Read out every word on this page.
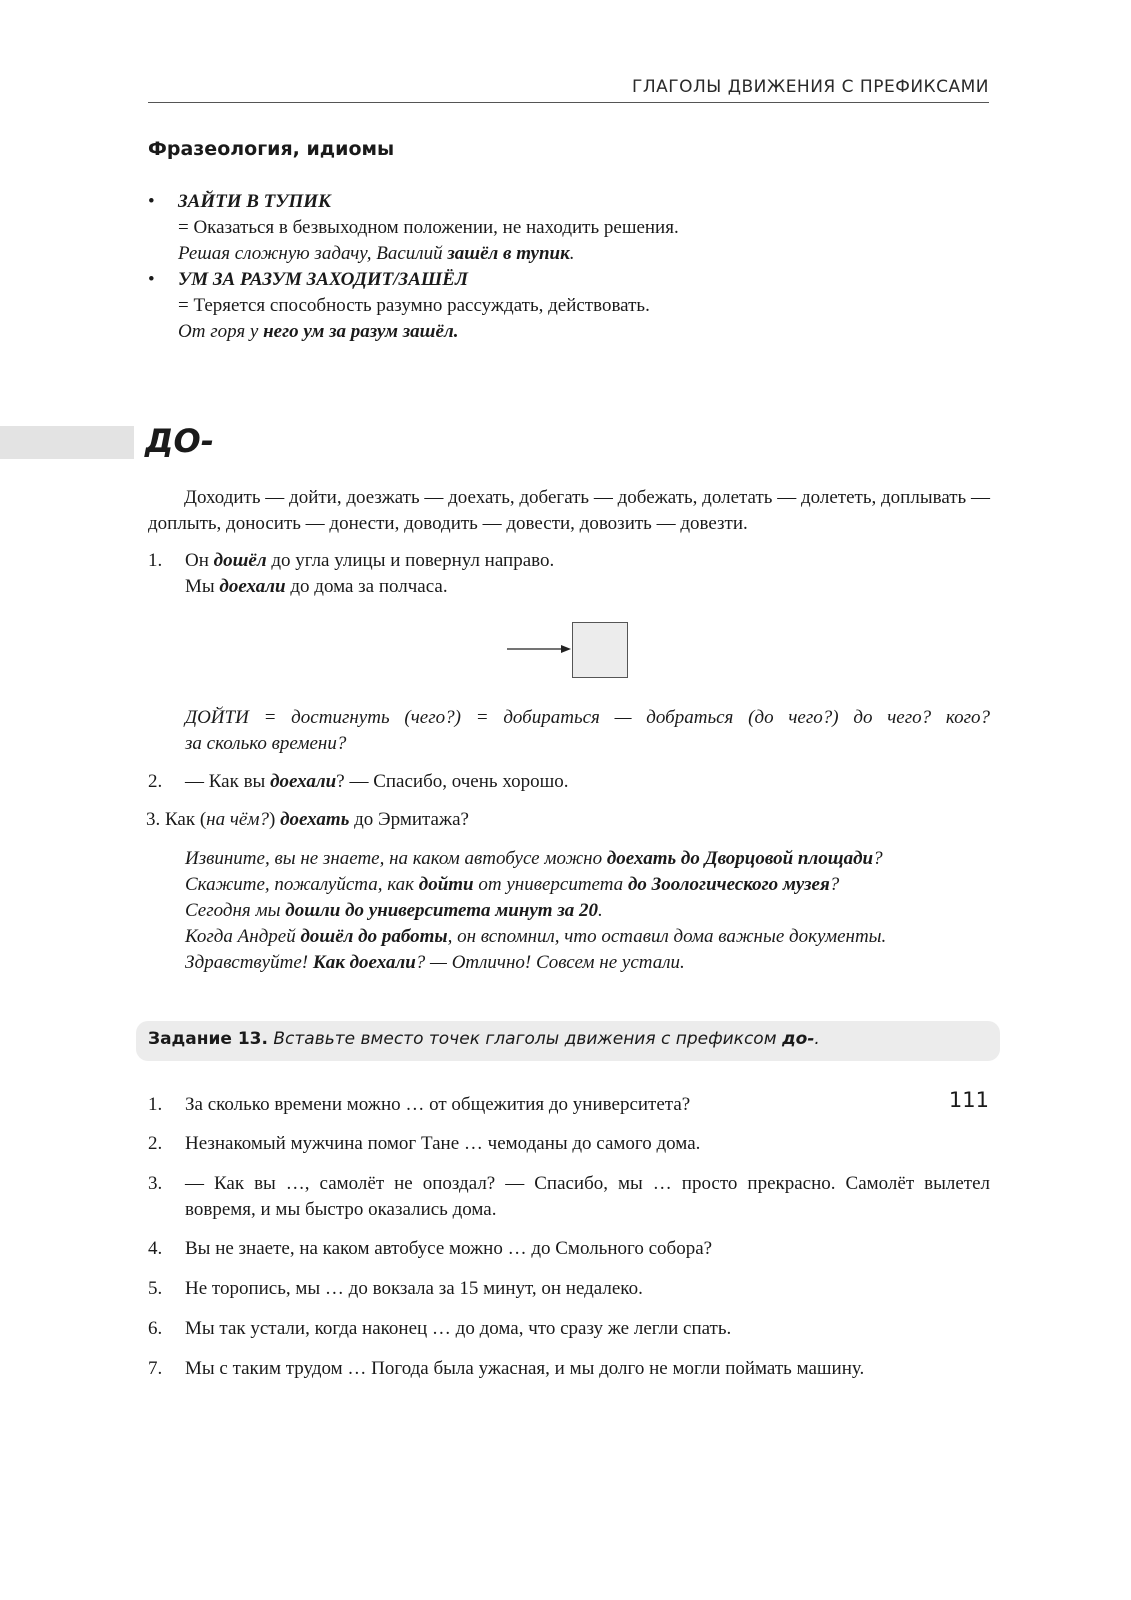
ГЛАГОЛЫ ДВИЖЕНИЯ С ПРЕФИКСАМИ
Фразеология, идиомы
• ЗАЙТИ В ТУПИК
= Оказаться в безвыходном положении, не находить решения.
Решая сложную задачу, Василий зашёл в тупик.
• УМ ЗА РАЗУМ ЗАХОДИТ/ЗАШЁЛ
= Теряется способность разумно рассуждать, действовать.
От горя у него ум за разум зашёл.
ДО-
Доходить — дойти, доезжать — доехать, добегать — добежать, долетать — долететь, доплывать — доплыть, доносить — донести, доводить — довести, довозить — довезти.
1. Он дошёл до угла улицы и повернул направо.
Мы доехали до дома за полчаса.
ДОЙТИ = достигнуть (чего?) = добираться — добраться (до чего?) до чего? кого?
за сколько времени?
2. — Как вы доехали? — Спасибо, очень хорошо.
3. Как (на чём?) доехать до Эрмитажа?
Извините, вы не знаете, на каком автобусе можно доехать до Дворцовой площади?
Скажите, пожалуйста, как дойти от университета до Зоологического музея?
Сегодня мы дошли до университета минут за 20.
Когда Андрей дошёл до работы, он вспомнил, что оставил дома важные документы.
Здравствуйте! Как доехали? — Отлично! Совсем не устали.
Задание 13. Вставьте вместо точек глаголы движения с префиксом до-.
1. За сколько времени можно … от общежития до университета?
2. Незнакомый мужчина помог Тане … чемоданы до самого дома.
3. — Как вы …, самолёт не опоздал? — Спасибо, мы … просто прекрасно. Самолёт вылетел вовремя, и мы быстро оказались дома.
4. Вы не знаете, на каком автобусе можно … до Смольного собора?
5. Не торопись, мы … до вокзала за 15 минут, он недалеко.
6. Мы так устали, когда наконец … до дома, что сразу же легли спать.
7. Мы с таким трудом … Погода была ужасная, и мы долго не могли поймать машину.
111
